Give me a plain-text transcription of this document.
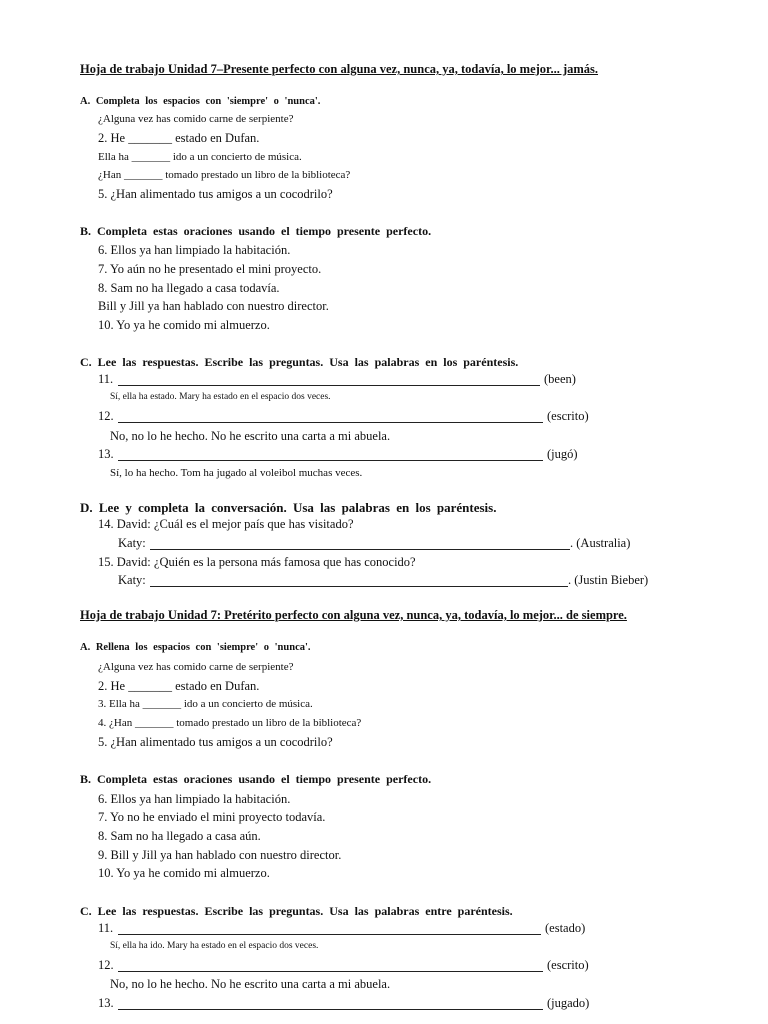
Hoja de trabajo Unidad 7–Presente perfecto con alguna vez, nunca, ya, todavía, lo mejor... jamás.
A. Completa los espacios con 'siempre' o 'nunca'.
¿Alguna vez has comido carne de serpiente?
2. He _______ estado en Dufan.
Ella ha _______ ido a un concierto de música.
¿Han _______ tomado prestado un libro de la biblioteca?
5. ¿Han alimentado tus amigos a un cocodrilo?
B. Completa estas oraciones usando el tiempo presente perfecto.
6. Ellos ya han limpiado la habitación.
7. Yo aún no he presentado el mini proyecto.
8. Sam no ha llegado a casa todavía.
Bill y Jill ya han hablado con nuestro director.
10. Yo ya he comido mi almuerzo.
C. Lee las respuestas. Escribe las preguntas. Usa las palabras en los paréntesis.
11.	(been)
Sí, ella ha estado. Mary ha estado en el espacio dos veces.
12.	(escrito)
No, no lo he hecho. No he escrito una carta a mi abuela.
13.	(jugó)
Sí, lo ha hecho. Tom ha jugado al voleibol muchas veces.
D. Lee y completa la conversación. Usa las palabras en los paréntesis.
14. David: ¿Cuál es el mejor país que has visitado?
Katy:	. (Australia)
15. David: ¿Quién es la persona más famosa que has conocido?
Katy:	. (Justin Bieber)
Hoja de trabajo Unidad 7: Pretérito perfecto con alguna vez, nunca, ya, todavía, lo mejor... de siempre.
A. Rellena los espacios con 'siempre' o 'nunca'.
¿Alguna vez has comido carne de serpiente?
2. He _______ estado en Dufan.
3. Ella ha _______ ido a un concierto de música.
4. ¿Han _______ tomado prestado un libro de la biblioteca?
5. ¿Han alimentado tus amigos a un cocodrilo?
B. Completa estas oraciones usando el tiempo presente perfecto.
6. Ellos ya han limpiado la habitación.
7. Yo no he enviado el mini proyecto todavía.
8. Sam no ha llegado a casa aún.
9. Bill y Jill ya han hablado con nuestro director.
10. Yo ya he comido mi almuerzo.
C. Lee las respuestas. Escribe las preguntas. Usa las palabras entre paréntesis.
11.	(estado)
Sí, ella ha ido. Mary ha estado en el espacio dos veces.
12.	(escrito)
No, no lo he hecho. No he escrito una carta a mi abuela.
13.	(jugado)
